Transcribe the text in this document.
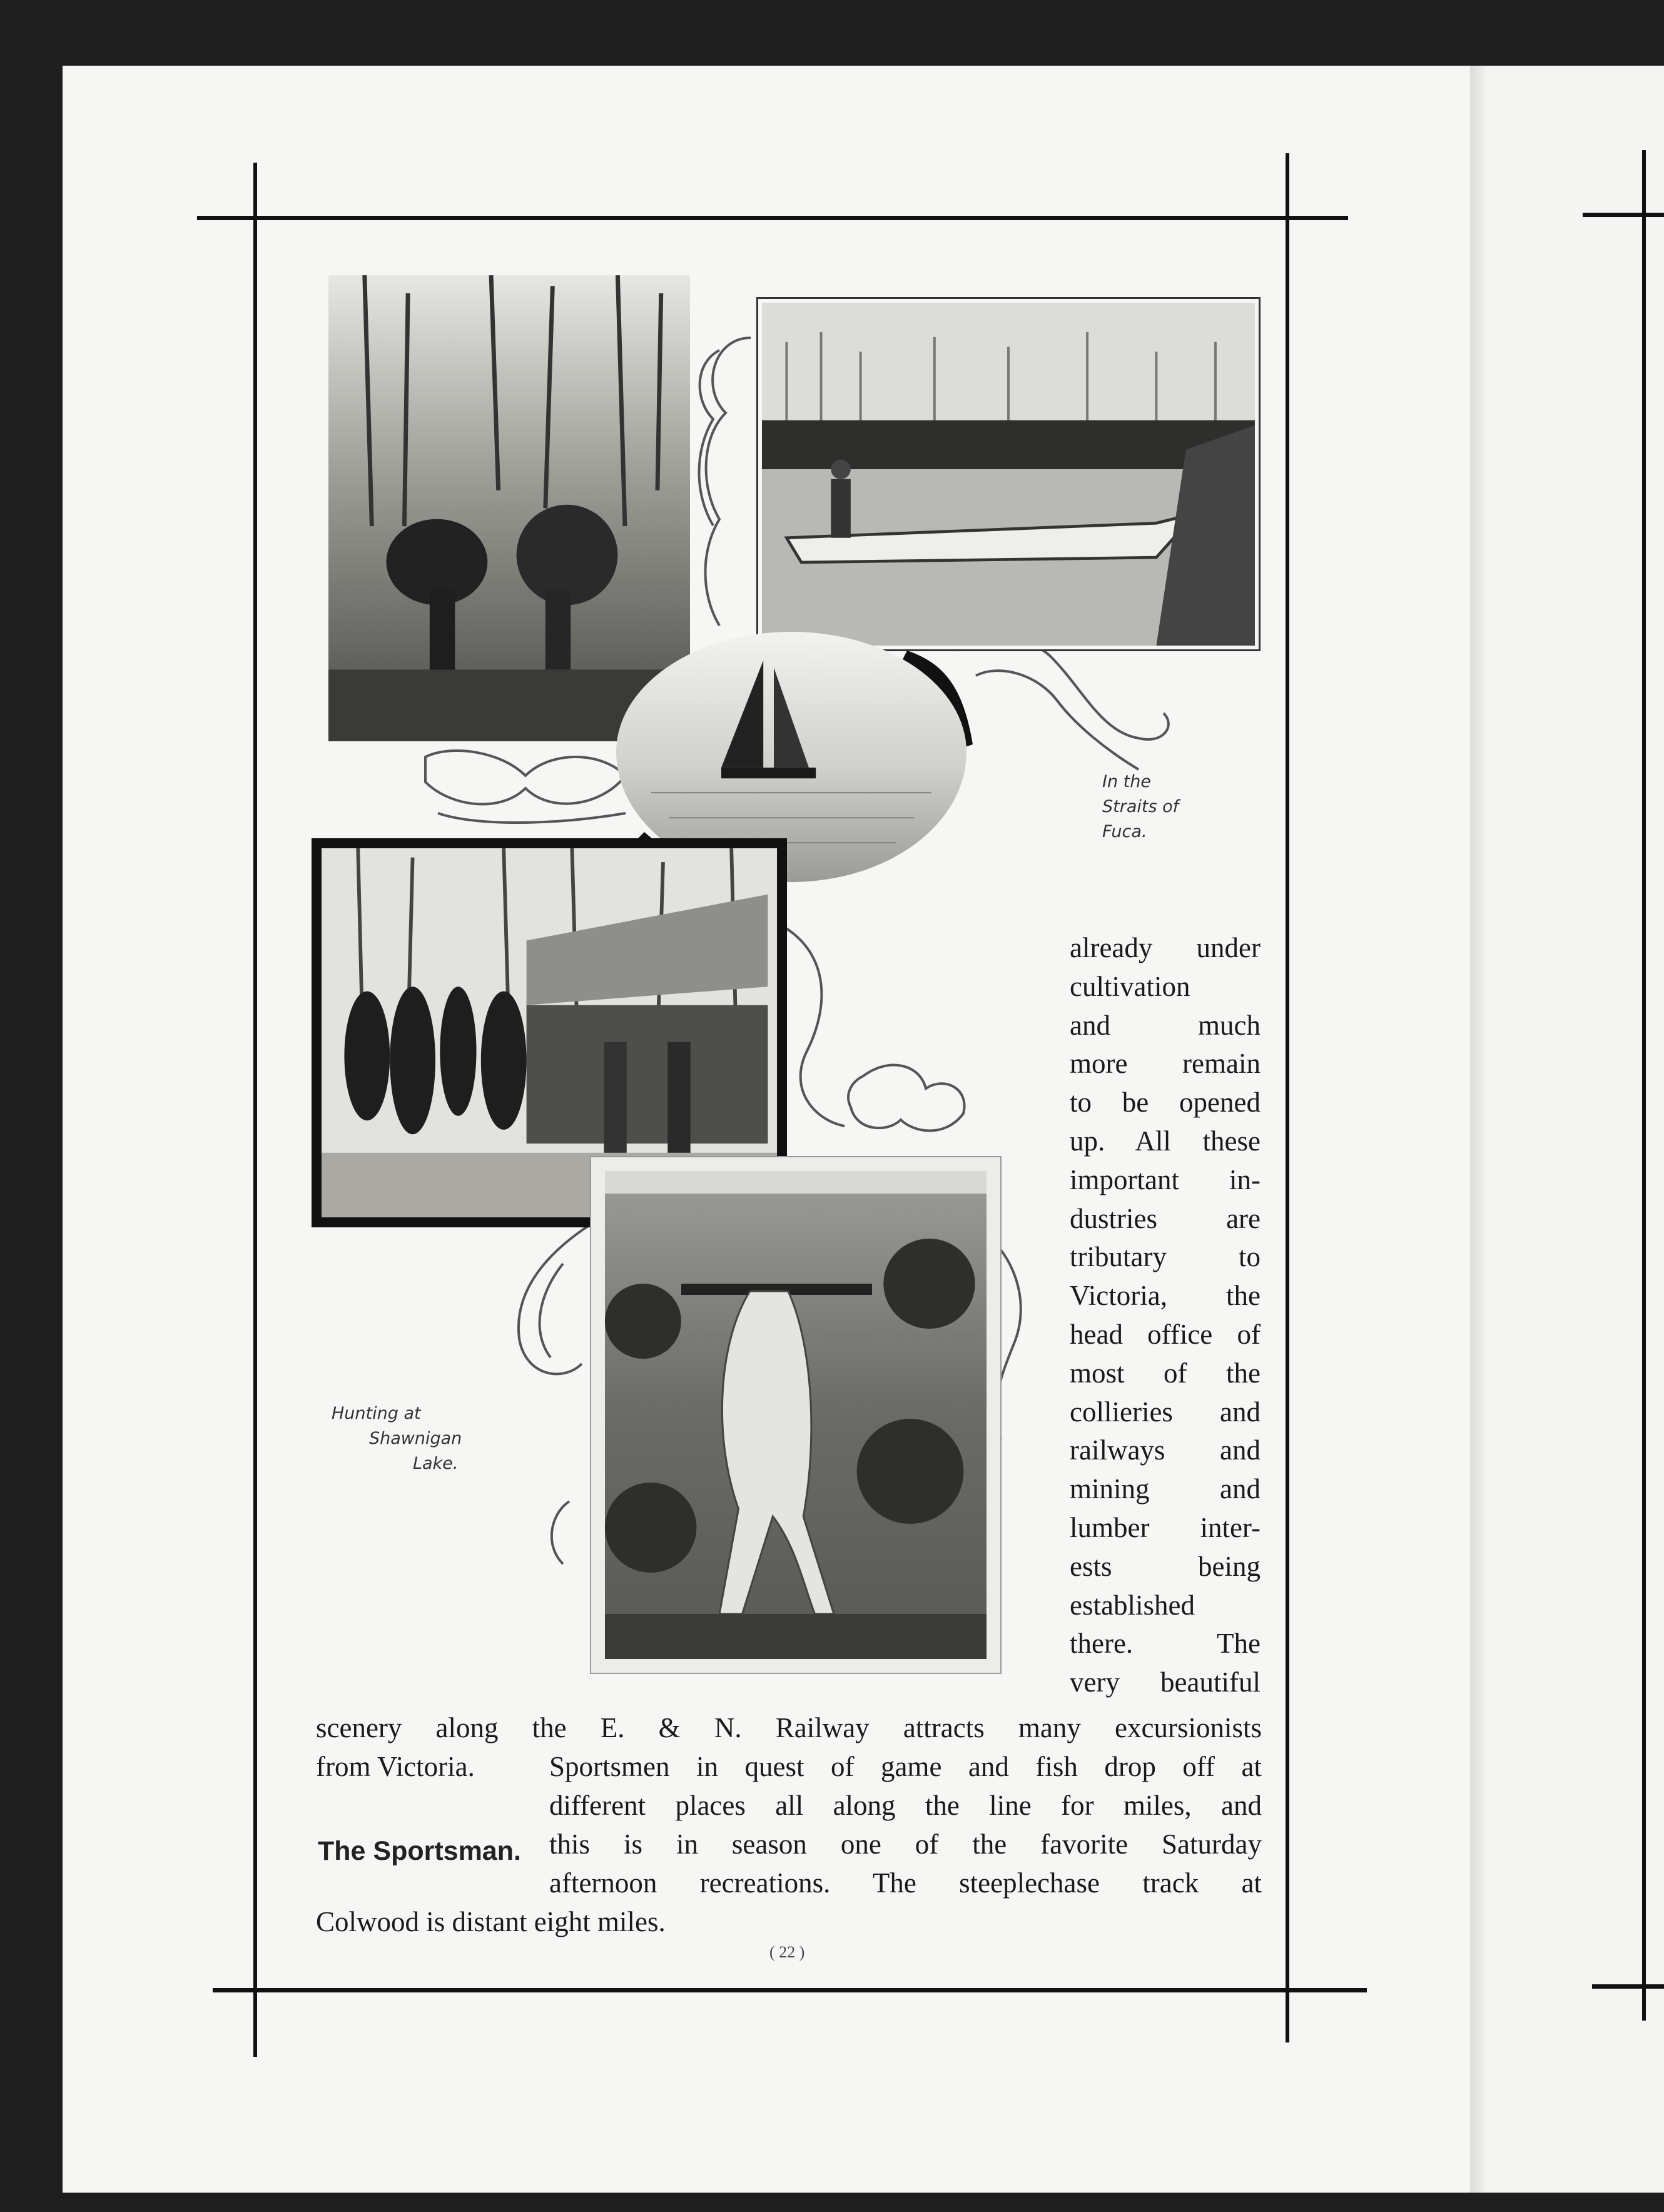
In the
Straits of
Fuca.
Hunting at
Shawnigan
Lake.
already under
cultivation
and much
more remain
to be opened
up. All these
important in-
dustries are
tributary to
Victoria, the
head office of
most of the
collieries and
railways and
mining and
lumber inter-
ests being
established
there. The
very beautiful
scenery along the E. & N. Railway attracts many excursionists
from Victoria.	Sportsmen in quest of game and fish drop off at
different places all along the line for miles, and
this is in season one of the favorite Saturday
afternoon recreations. The steeplechase track at
Colwood is distant eight miles.
The Sportsman.
( 22 )
